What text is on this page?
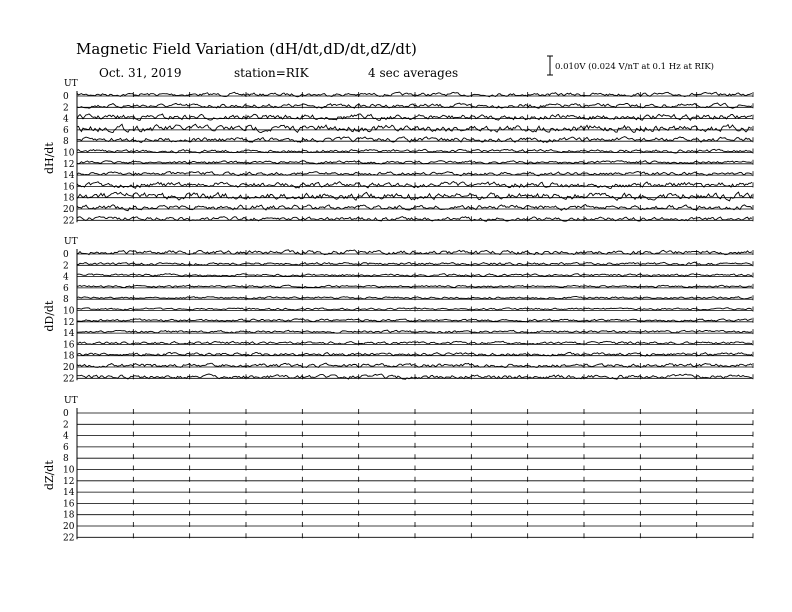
Magnetic Field Variation (dH/dt,dD/dt,dZ/dt)
Oct. 31, 2019	station=RIK	4 sec averages	0.010V (0.024 V/nT at 0.1 Hz at RIK)
UT
dH/dt
0
2
4
6
8
10
12
14
16
18
20
22
UT
dD/dt
0
2
4
6
8
10
12
14
16
18
20
22
UT
dZ/dt
0
2
4
6
8
10
12
14
16
18
20
22
